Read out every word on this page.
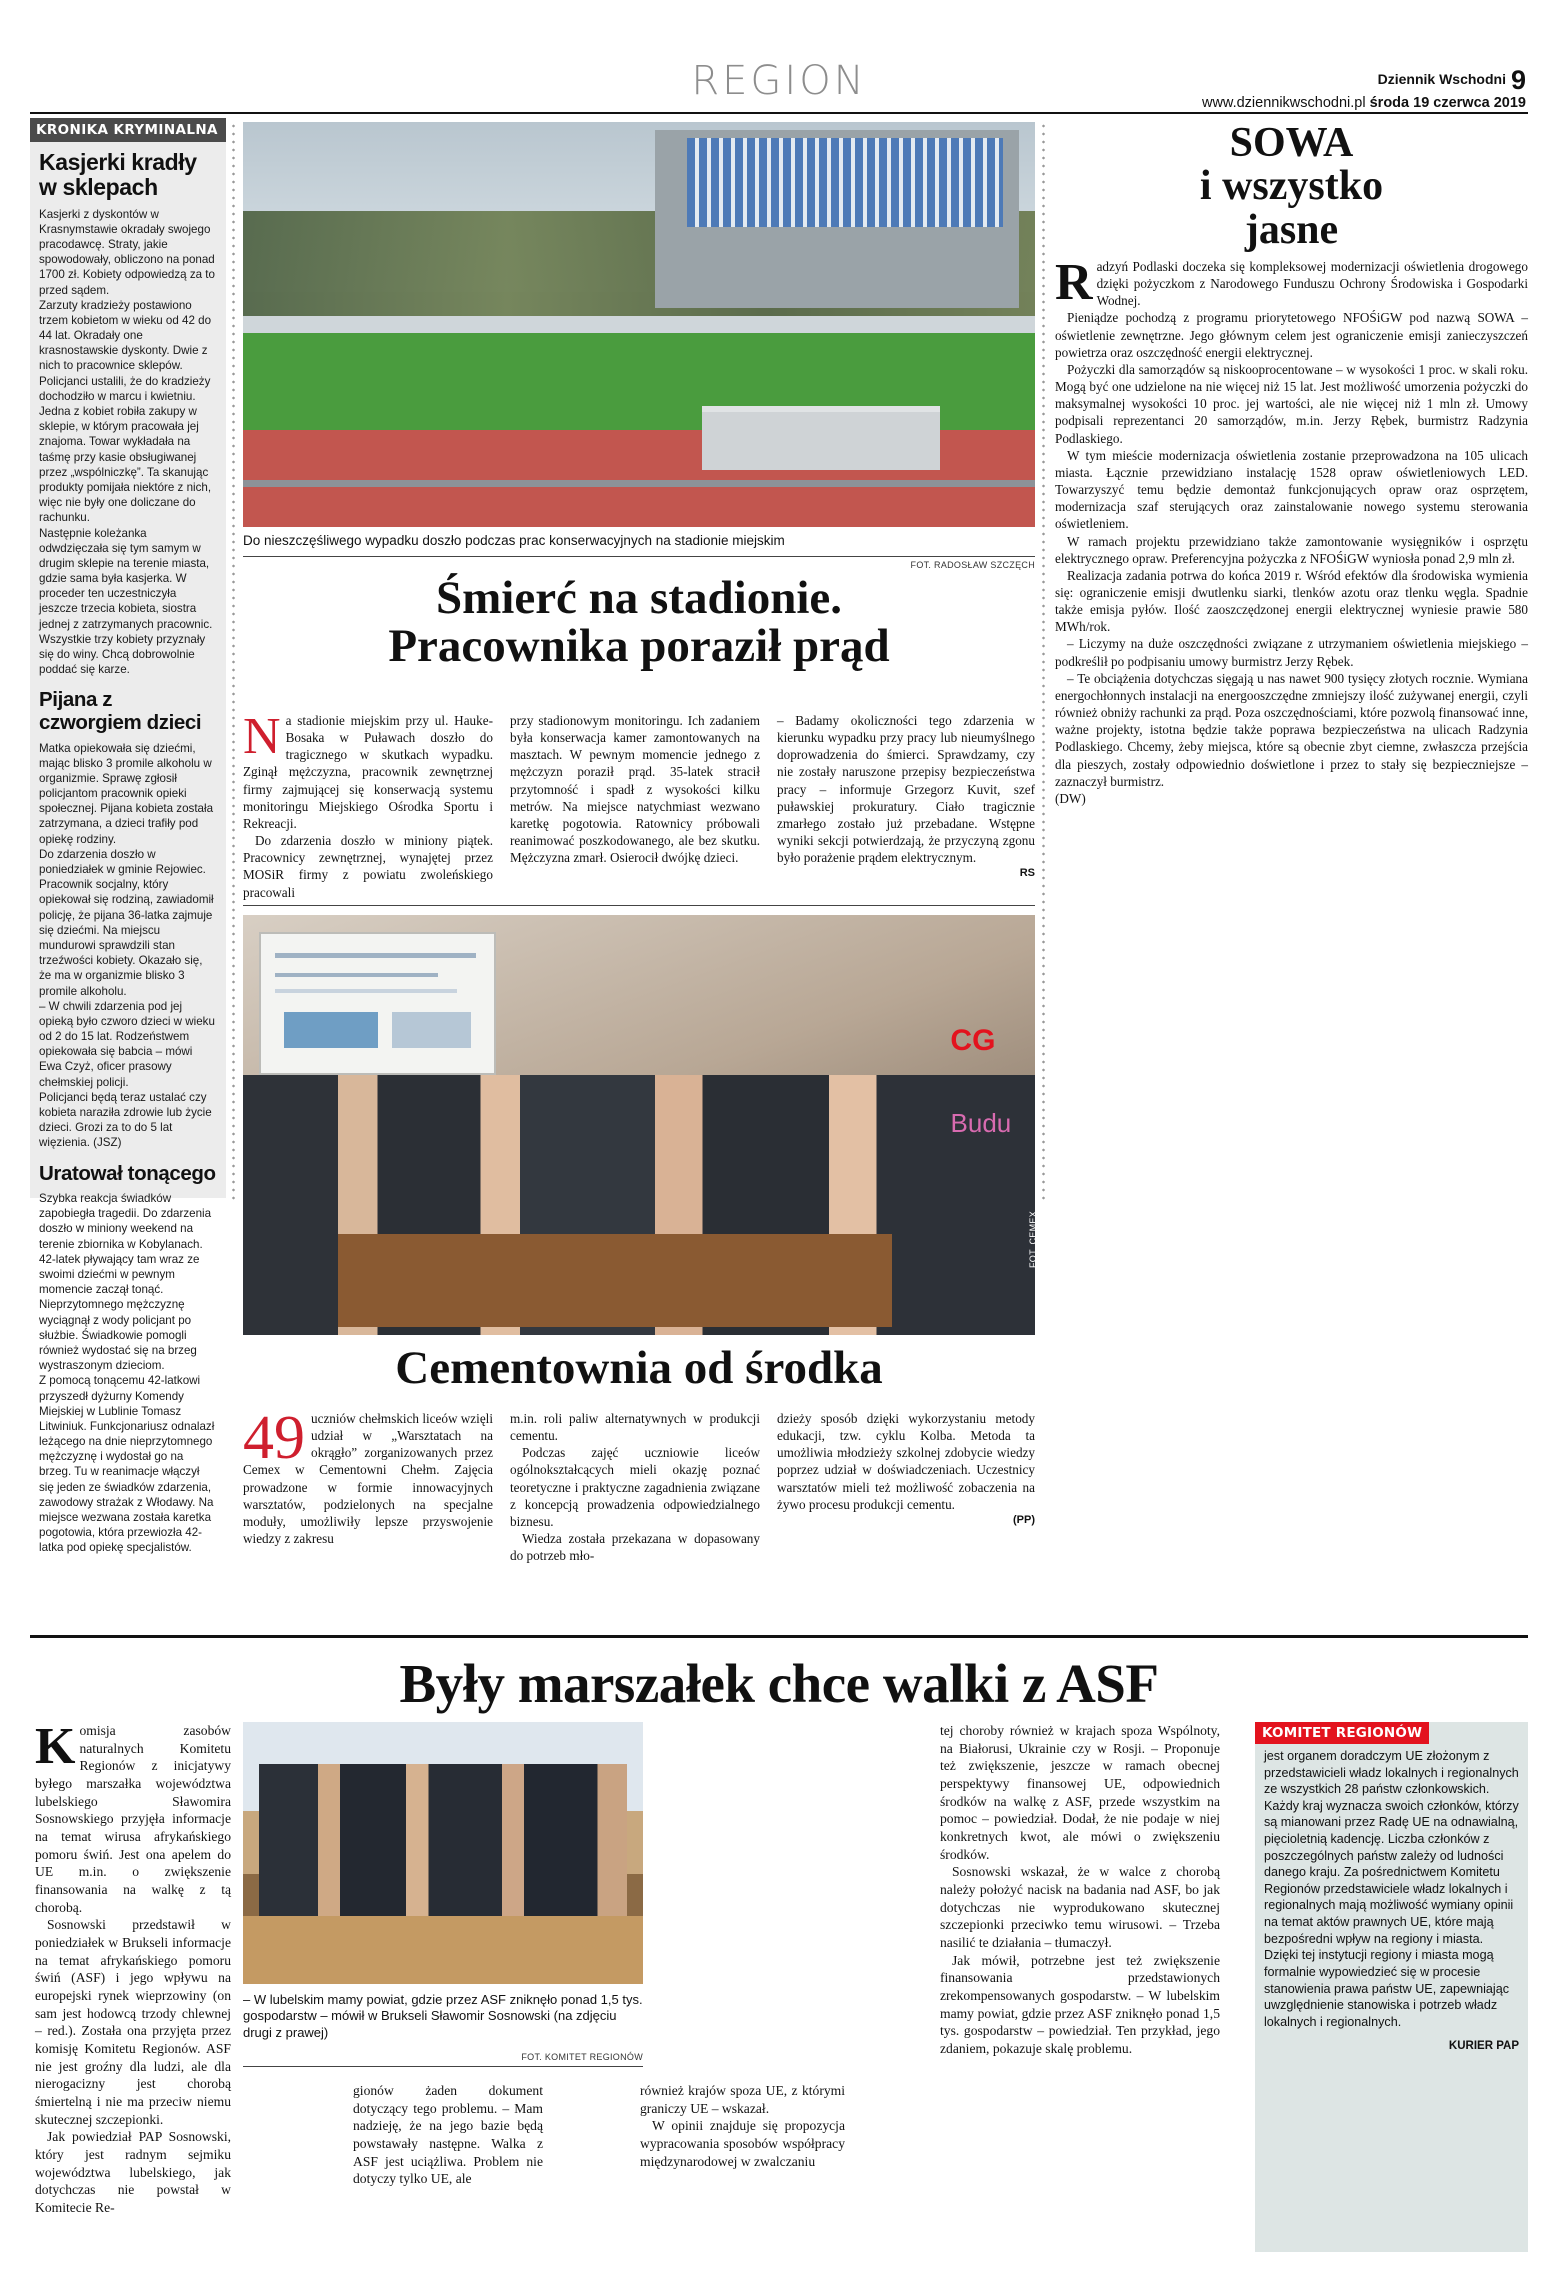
REGION	Dziennik Wschodni 9
www.dziennikwschodni.pl środa 19 czerwca 2019
KRONIKA KRYMINALNA
Kasjerki kradły
w sklepach

Kasjerki z dyskontów w Krasnymstawie okradały swojego pracodawcę. Straty, jakie spowodowały, obliczono na ponad 1700 zł. Kobiety odpowiedzą za to przed sądem.

Zarzuty kradzieży postawiono trzem kobietom w wieku od 42 do 44 lat. Okradały one krasnostawskie dyskonty. Dwie z nich to pracownice sklepów.

Policjanci ustalili, że do kradzieży dochodziło w marcu i kwietniu. Jedna z kobiet robiła zakupy w sklepie, w którym pracowała jej znajoma. Towar wykładała na taśmę przy kasie obsługiwanej przez „wspólniczkę”. Ta skanując produkty pomijała niektóre z nich, więc nie były one doliczane do rachunku.

Następnie koleżanka odwdzięczała się tym samym w drugim sklepie na terenie miasta, gdzie sama była kasjerka. W proceder ten uczestniczyła jeszcze trzecia kobieta, siostra jednej z zatrzymanych pracownic. Wszystkie trzy kobiety przyznały się do winy. Chcą dobrowolnie poddać się karze.

Pijana z czworgiem dzieci

Matka opiekowała się dziećmi, mając blisko 3 promile alkoholu w organizmie. Sprawę zgłosił policjantom pracownik opieki społecznej. Pijana kobieta została zatrzymana, a dzieci trafiły pod opiekę rodziny.

Do zdarzenia doszło w poniedziałek w gminie Rejowiec. Pracownik socjalny, który opiekował się rodziną, zawiadomił policję, że pijana 36-latka zajmuje się dziećmi. Na miejscu mundurowi sprawdzili stan trzeźwości kobiety. Okazało się, że ma w organizmie blisko 3 promile alkoholu.

– W chwili zdarzenia pod jej opieką było czworo dzieci w wieku od 2 do 15 lat. Rodzeństwem opiekowała się babcia – mówi Ewa Czyż, oficer prasowy chełmskiej policji.

Policjanci będą teraz ustalać czy kobieta naraziła zdrowie lub życie dzieci. Grozi za to do 5 lat więzienia. (JSZ)

Uratował tonącego

Szybka reakcja świadków zapobiegła tragedii. Do zdarzenia doszło w miniony weekend na terenie zbiornika w Kobylanach. 42-latek pływający tam wraz ze swoimi dziećmi w pewnym momencie zaczął tonąć. Nieprzytomnego mężczyznę wyciągnął z wody policjant po służbie. Świadkowie pomogli również wydostać się na brzeg wystraszonym dzieciom.

Z pomocą tonącemu 42-latkowi przyszedł dyżurny Komendy Miejskiej w Lublinie Tomasz Litwiniuk. Funkcjonariusz odnalazł leżącego na dnie nieprzytomnego mężczyznę i wydostał go na brzeg. Tu w reanimacje włączył się jeden ze świadków zdarzenia, zawodowy strażak z Włodawy. Na miejsce wezwana została karetka pogotowia, która przewiozła 42-latka pod opiekę specjalistów.

Do nieszczęśliwego wypadku doszło podczas prac konserwacyjnych na stadionie miejskim
FOT. RADOSŁAW SZCZĘCH
Śmierć na stadionie.
Pracownika poraził prąd
N a stadionie miejskim przy ul. Hauke-Bosaka w Puławach doszło do tragicznego w skutkach wypadku. Zginął mężczyzna, pracownik zewnętrznej firmy zajmującej się konserwacją systemu monitoringu Miejskiego Ośrodka Sportu i Rekreacji.

Do zdarzenia doszło w miniony piątek. Pracownicy zewnętrznej, wynajętej przez MOSiR firmy z powiatu zwoleńskiego pracowali

przy stadionowym monitoringu. Ich zadaniem była konserwacja kamer zamontowanych na masztach. W pewnym momencie jednego z mężczyzn poraził prąd. 35-latek stracił przytomność i spadł z wysokości kilku metrów. Na miejsce natychmiast wezwano karetkę pogotowia. Ratownicy próbowali reanimować poszkodowanego, ale bez skutku. Mężczyzna zmarł. Osierocił dwójkę dzieci.

– Badamy okoliczności tego zdarzenia w kierunku wypadku przy pracy lub nieumyślnego doprowadzenia do śmierci. Sprawdzamy, czy nie zostały naruszone przepisy bezpieczeństwa pracy – informuje Grzegorz Kuvit, szef puławskiej prokuratury. Ciało tragicznie zmarłego zostało już przebadane. Wstępne wyniki sekcji potwierdzają, że przyczyną zgonu było porażenie prądem elektrycznym.

RS
CG
Budu
FOT. CEMEX
Cementownia od środka
49 uczniów chełmskich liceów wzięli udział w „Warsztatach na okrągło” zorganizowanych przez Cemex w Cementowni Chełm. Zajęcia prowadzone w formie innowacyjnych warsztatów, podzielonych na specjalne moduły, umożliwiły lepsze przyswojenie wiedzy z zakresu

m.in. roli paliw alternatywnych w produkcji cementu.

Podczas zajęć uczniowie liceów ogólnokształcących mieli okazję poznać teoretyczne i praktyczne zagadnienia związane z koncepcją prowadzenia odpowiedzialnego biznesu.

Wiedza została przekazana w dopasowany do potrzeb mło-

dzieży sposób dzięki wykorzystaniu metody edukacji, tzw. cyklu Kolba. Metoda ta umożliwia młodzieży szkolnej zdobycie wiedzy poprzez udział w doświadczeniach. Uczestnicy warsztatów mieli też możliwość zobaczenia na żywo procesu produkcji cementu.

(PP)
SOWA
i wszystko
jasne
R adzyń Podlaski doczeka się kompleksowej modernizacji oświetlenia drogowego dzięki pożyczkom z Narodowego Funduszu Ochrony Środowiska i Gospodarki Wodnej.

Pieniądze pochodzą z programu priorytetowego NFOŚiGW pod nazwą SOWA – oświetlenie zewnętrzne. Jego głównym celem jest ograniczenie emisji zanieczyszczeń powietrza oraz oszczędność energii elektrycznej.

Pożyczki dla samorządów są niskooprocentowane – w wysokości 1 proc. w skali roku. Mogą być one udzielone na nie więcej niż 15 lat. Jest możliwość umorzenia pożyczki do maksymalnej wysokości 10 proc. jej wartości, ale nie więcej niż 1 mln zł. Umowy podpisali reprezentanci 20 samorządów, m.in. Jerzy Rębek, burmistrz Radzynia Podlaskiego.

W tym mieście modernizacja oświetlenia zostanie przeprowadzona na 105 ulicach miasta. Łącznie przewidziano instalację 1528 opraw oświetleniowych LED. Towarzyszyć temu będzie demontaż funkcjonujących opraw oraz osprzętem, modernizacja szaf sterujących oraz zainstalowanie nowego systemu sterowania oświetleniem.

W ramach projektu przewidziano także zamontowanie wysięgników i osprzętu elektrycznego opraw. Preferencyjna pożyczka z NFOŚiGW wyniosła ponad 2,9 mln zł.

Realizacja zadania potrwa do końca 2019 r. Wśród efektów dla środowiska wymienia się: ograniczenie emisji dwutlenku siarki, tlenków azotu oraz tlenku węgla. Spadnie także emisja pyłów. Ilość zaoszczędzonej energii elektrycznej wyniesie prawie 580 MWh/rok.

– Liczymy na duże oszczędności związane z utrzymaniem oświetlenia miejskiego – podkreślił po podpisaniu umowy burmistrz Jerzy Rębek.

– Te obciążenia dotychczas sięgają u nas nawet 900 tysięcy złotych rocznie. Wymiana energochłonnych instalacji na energooszczędne zmniejszy ilość zużywanej energii, czyli również obniży rachunki za prąd. Poza oszczędnościami, które pozwolą finansować inne, ważne projekty, istotna będzie także poprawa bezpieczeństwa na ulicach Radzynia Podlaskiego. Chcemy, żeby miejsca, które są obecnie zbyt ciemne, zwłaszcza przejścia dla pieszych, zostały odpowiednio doświetlone i przez to stały się bezpieczniejsze – zaznaczył burmistrz.

(DW)
Były marszałek chce walki z ASF
K omisja zasobów naturalnych Komitetu Regionów z inicjatywy byłego marszałka województwa lubelskiego Sławomira Sosnowskiego przyjęła informacje na temat wirusa afrykańskiego pomoru świń. Jest ona apelem do UE m.in. o zwiększenie finansowania na walkę z tą chorobą.

Sosnowski przedstawił w poniedziałek w Brukseli informacje na temat afrykańskiego pomoru świń (ASF) i jego wpływu na europejski rynek wieprzowiny (on sam jest hodowcą trzody chlewnej – red.). Została ona przyjęta przez komisję Komitetu Regionów. ASF nie jest groźny dla ludzi, ale dla nierogacizny jest chorobą śmiertelną i nie ma przeciw niemu skutecznej szczepionki.

Jak powiedział PAP Sosnowski, który jest radnym sejmiku województwa lubelskiego, jak dotychczas nie powstał w Komitecie Re-

– W lubelskim mamy powiat, gdzie przez ASF zniknęło ponad 1,5 tys. gospodarstw – mówił w Brukseli Sławomir Sosnowski (na zdjęciu drugi z prawej)
FOT. KOMITET REGIONÓW

gionów żaden dokument dotyczący tego problemu. – Mam nadzieję, że na jego bazie będą powstawały następne. Walka z ASF jest uciążliwa. Problem nie dotyczy tylko UE, ale

również krajów spoza UE, z którymi graniczy UE – wskazał.

W opinii znajduje się propozycja wypracowania sposobów współpracy międzynarodowej w zwalczaniu

tej choroby również w krajach spoza Wspólnoty, na Białorusi, Ukrainie czy w Rosji. – Proponuje też zwiększenie, jeszcze w ramach obecnej perspektywy finansowej UE, odpowiednich środków na walkę z ASF, przede wszystkim na pomoc – powiedział. Dodał, że nie podaje w niej konkretnych kwot, ale mówi o zwiększeniu środków.

Sosnowski wskazał, że w walce z chorobą należy położyć nacisk na badania nad ASF, bo jak dotychczas nie wyprodukowano skutecznej szczepionki przeciwko temu wirusowi. – Trzeba nasilić te działania – tłumaczył.

Jak mówił, potrzebne jest też zwiększenie finansowania przedstawionych zrekompensowanych gospodarstw. – W lubelskim mamy powiat, gdzie przez ASF zniknęło ponad 1,5 tys. gospodarstw – powiedział. Ten przykład, jego zdaniem, pokazuje skalę problemu.

KOMITET REGIONÓW
jest organem doradczym UE złożonym z przedstawicieli władz lokalnych i regionalnych ze wszystkich 28 państw członkowskich. Każdy kraj wyznacza swoich członków, którzy są mianowani przez Radę UE na odnawialną, pięcioletnią kadencję. Liczba członków z poszczególnych państw zależy od ludności danego kraju. Za pośrednictwem Komitetu Regionów przedstawiciele władz lokalnych i regionalnych mają możliwość wymiany opinii na temat aktów prawnych UE, które mają bezpośredni wpływ na regiony i miasta. Dzięki tej instytucji regiony i miasta mogą formalnie wypowiedzieć się w procesie stanowienia prawa państw UE, zapewniając uwzględnienie stanowiska i potrzeb władz lokalnych i regionalnych.
KURIER PAP
